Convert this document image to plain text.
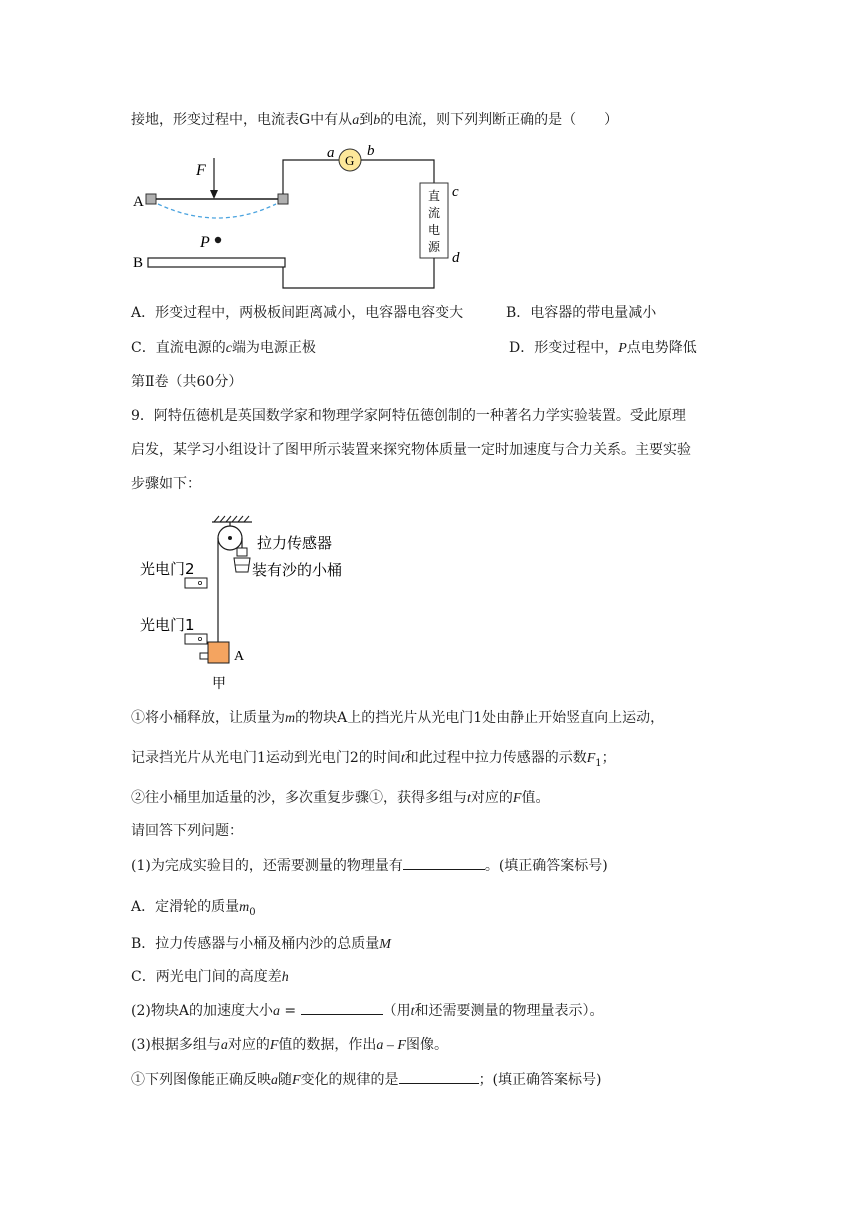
接地，形变过程中，电流表G中有从a到b的电流，则下列判断正确的是（　　）
F
A
G
a b
直
流
电
源
c
d
P
B
A．形变过程中，两极板间距离减小，电容器电容变大	B．电容器的带电量减小
C．直流电源的c端为电源正极	D．形变过程中，P点电势降低
第Ⅱ卷（共60分）
9．阿特伍德机是英国数学家和物理学家阿特伍德创制的一种著名力学实验装置。受此原理
启发，某学习小组设计了图甲所示装置来探究物体质量一定时加速度与合力关系。主要实验
步骤如下：
拉力传感器
装有沙的小桶
光电门2
光电门1
A
甲
①将小桶释放，让质量为m的物块A上的挡光片从光电门1处由静止开始竖直向上运动，
记录挡光片从光电门1运动到光电门2的时间t和此过程中拉力传感器的示数$F_1$；
②往小桶里加适量的沙，多次重复步骤①，获得多组与t对应的F值。
请回答下列问题：
(1)为完成实验目的，还需要测量的物理量有	。(填正确答案标号)
A．定滑轮的质量$m_0$
B．拉力传感器与小桶及桶内沙的总质量M
C．两光电门间的高度差h
(2)物块A的加速度大小a =	（用t和还需要测量的物理量表示）。
(3)根据多组与a对应的F值的数据，作出a – F图像。
①下列图像能正确反映a随F变化的规律的是	；(填正确答案标号)
